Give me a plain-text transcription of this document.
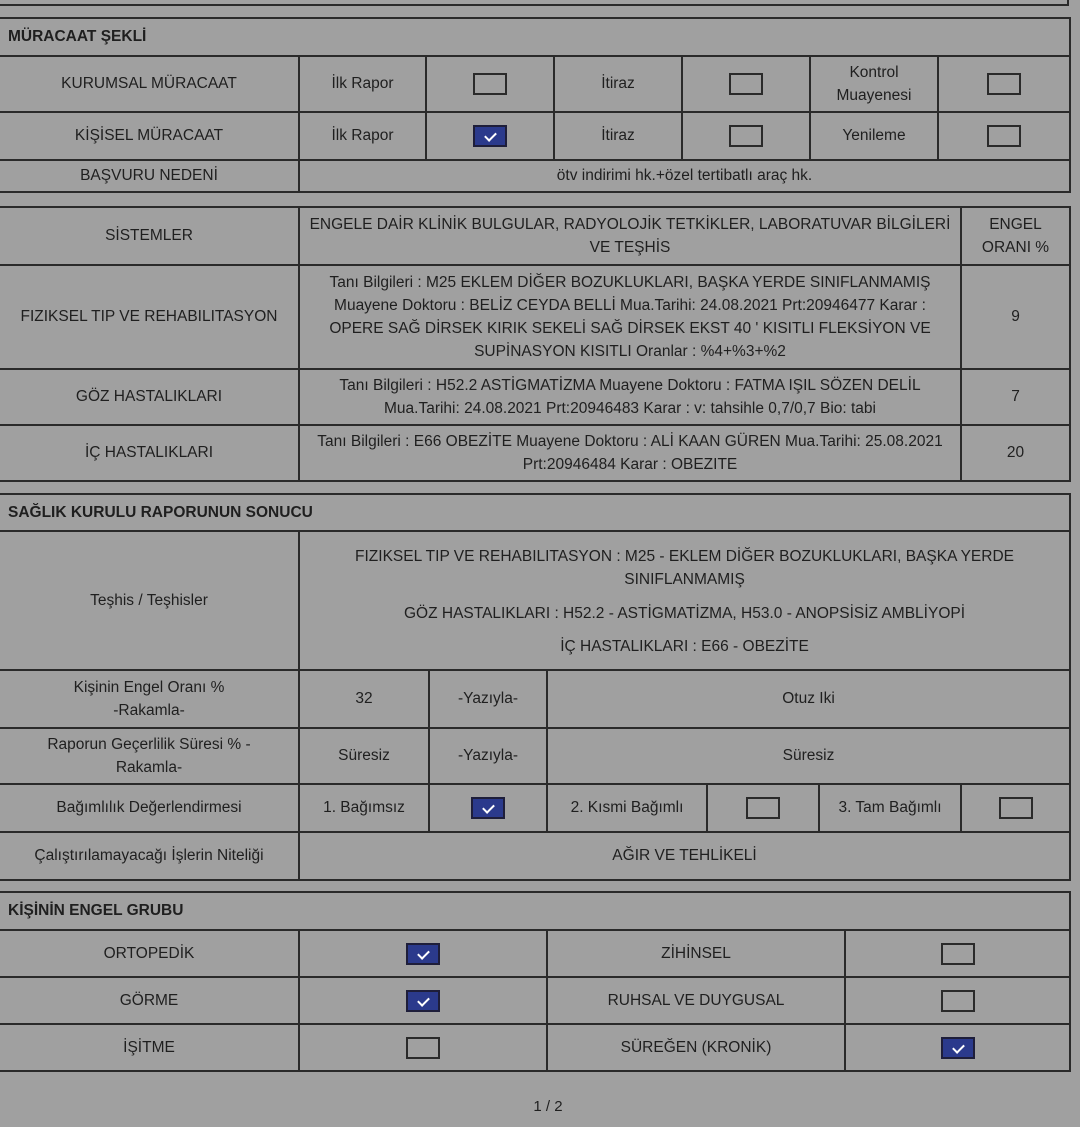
MÜRACAAT ŞEKLİ						
KURUMSAL MÜRACAAT	İlk Rapor		İtiraz		Kontrol Muayenesi	
KİŞİSEL MÜRACAAT	İlk Rapor		İtiraz		Yenileme	
BAŞVURU NEDENİ	ötv indirimi hk.+özel tertibatlı araç hk.					
SİSTEMLER	ENGELE DAİR KLİNİK BULGULAR, RADYOLOJİK TETKİKLER, LABORATUVAR BİLGİLERİ VE TEŞHİS	ENGEL ORANI %
FIZIKSEL TIP VE REHABILITASYON	Tanı Bilgileri : M25 EKLEM DİĞER BOZUKLUKLARI, BAŞKA YERDE SINIFLANMAMIŞ Muayene Doktoru : BELİZ CEYDA BELLİ Mua.Tarihi: 24.08.2021 Prt:20946477 Karar : OPERE SAĞ DİRSEK KIRIK SEKELİ SAĞ DİRSEK EKST 40 ' KISITLI FLEKSİYON VE SUPİNASYON KISITLI Oranlar : %4+%3+%2	9
GÖZ HASTALIKLARI	Tanı Bilgileri : H52.2 ASTİGMATİZMA Muayene Doktoru : FATMA IŞIL SÖZEN DELİL Mua.Tarihi: 24.08.2021 Prt:20946483 Karar : v: tahsihle 0,7/0,7 Bio: tabi	7
İÇ HASTALIKLARI	Tanı Bilgileri : E66 OBEZİTE Muayene Doktoru : ALİ KAAN GÜREN Mua.Tarihi: 25.08.2021 Prt:20946484 Karar : OBEZITE	20
SAĞLIK KURULU RAPORUNUN SONUCU						
Teşhis / Teşhisler	FIZIKSEL TIP VE REHABILITASYON : M25 - EKLEM DİĞER BOZUKLUKLARI, BAŞKA YERDE SINIFLANMAMIŞ

GÖZ HASTALIKLARI : H52.2 - ASTİGMATİZMA, H53.0 - ANOPSİSİZ AMBLİYOPİ

İÇ HASTALIKLARI : E66 - OBEZİTE					

Kişinin Engel Oranı % -Rakamla-	32	-Yazıyla-	Otuz Iki			
Raporun Geçerlilik Süresi % -Rakamla-	Süresiz	-Yazıyla-	Süresiz			
Bağımlılık Değerlendirmesi	1. Bağımsız		2. Kısmi Bağımlı		3. Tam Bağımlı	
Çalıştırılamayacağı İşlerin Niteliği	AĞIR VE TEHLİKELİ					
KİŞİNİN ENGEL GRUBU			
ORTOPEDİK		ZİHİNSEL	
GÖRME		RUHSAL VE DUYGUSAL	
İŞİTME		SÜREĞEN (KRONİK)	
1 / 2
